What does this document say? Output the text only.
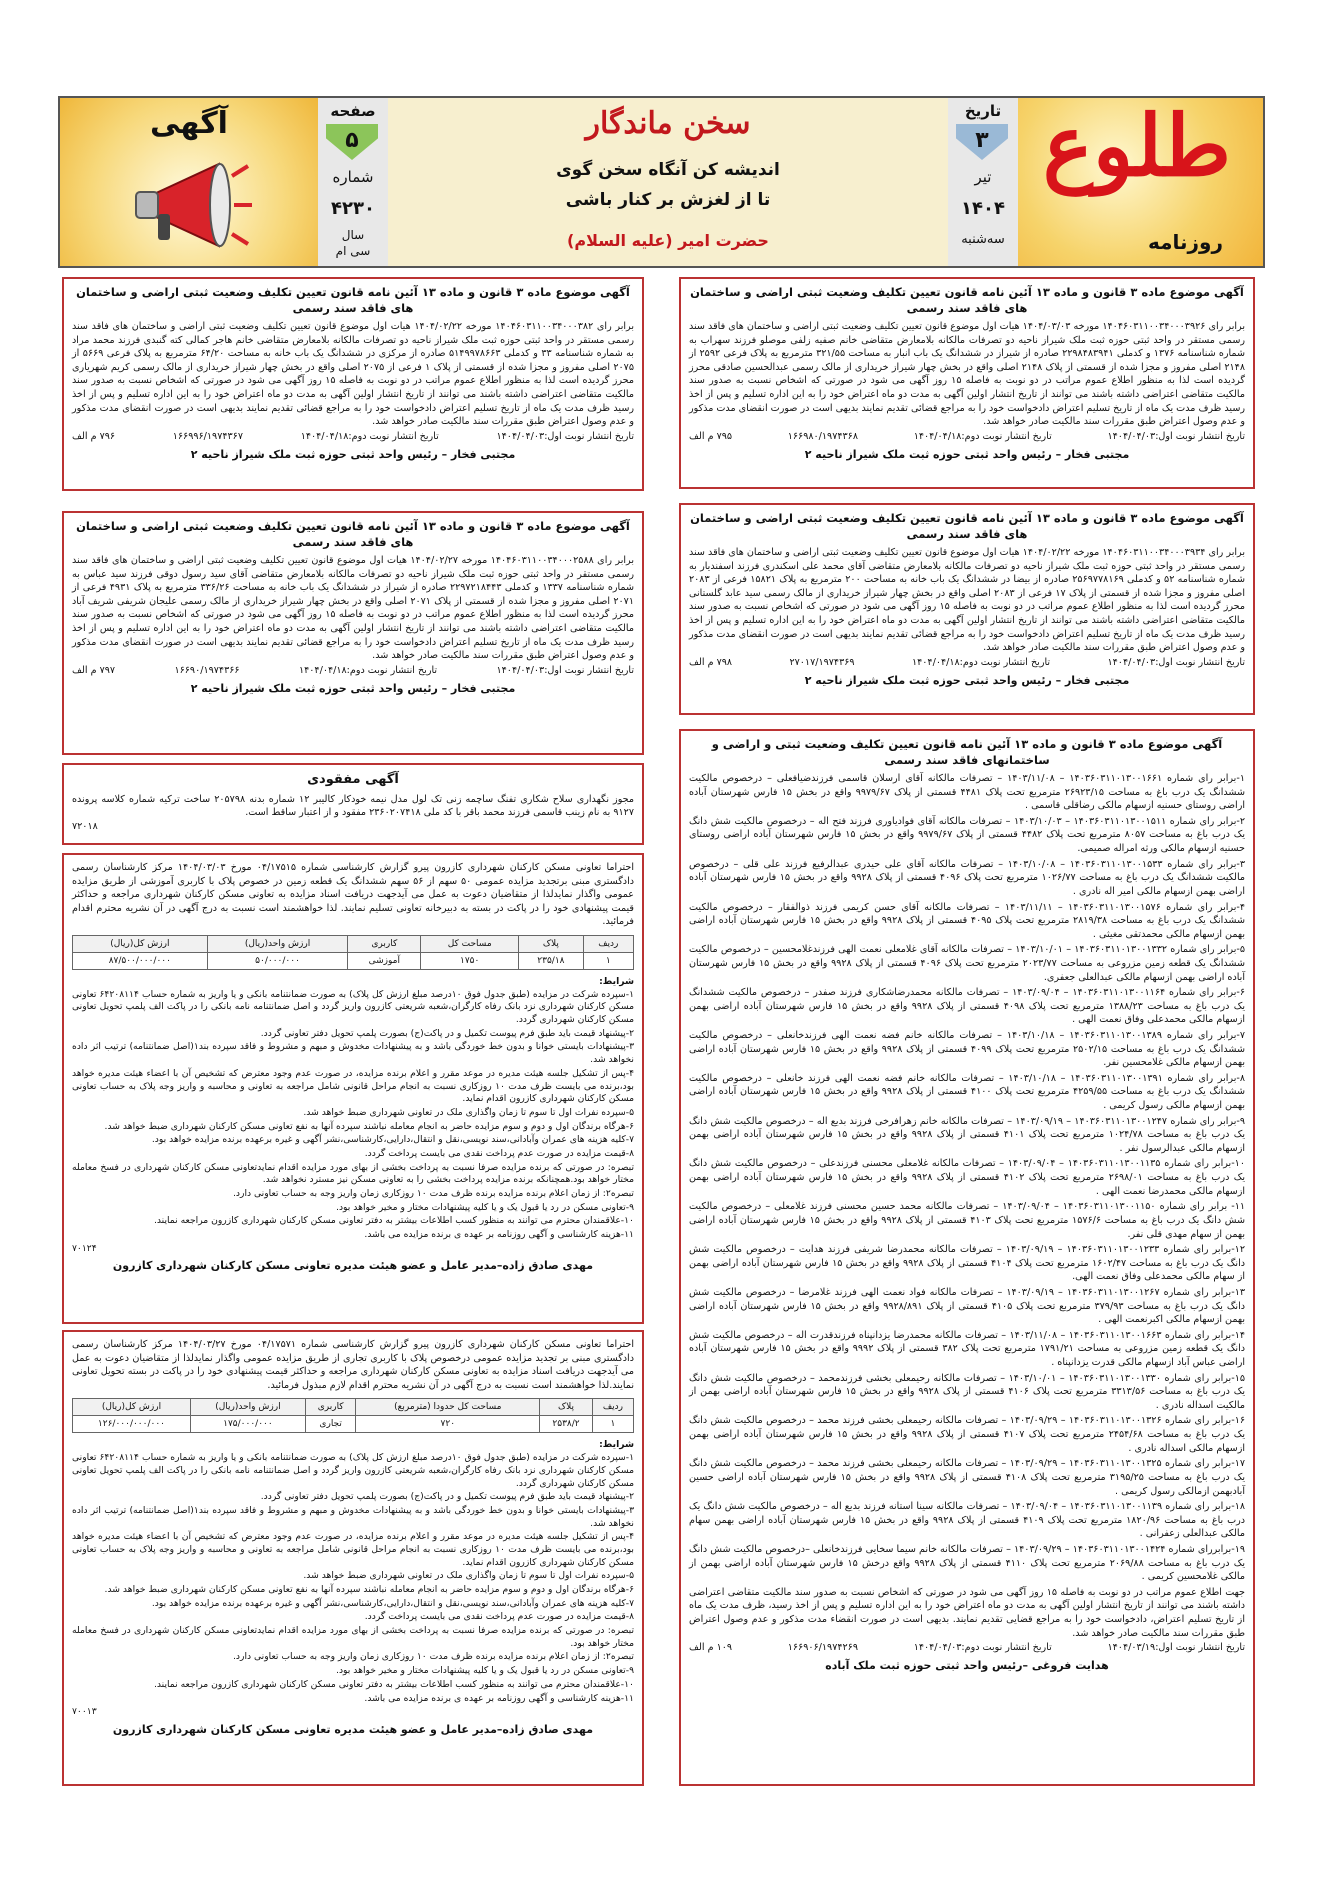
طلوع
روزنامه
تاریخ
۳
تیر
۱۴۰۴
سه‌شنبه
سخن ماندگار
اندیشه کن آنگاه سخن گوی
تا از لغزش بر کنار باشی
حضرت امیر (علیه السلام)
صفحه
۵
شماره
۴۲۳۰
سال
سی ام
آگهی
آگهی موضوع ماده ۳ قانون و ماده ۱۳ آئین نامه قانون تعیین تکلیف وضعیت ثبتی اراضی و ساختمان های فاقد سند رسمی
برابر رای ۱۴۰۴۶۰۳۱۱۰۰۳۴۰۰۰۳۹۲۶ مورخه ۱۴۰۴/۰۳/۰۳ هیات اول موضوع قانون تعیین تکلیف وضعیت ثبتی اراضی و ساختمان های فاقد سند رسمی مستقر در واحد ثبتی حوزه ثبت ملک شیراز ناحیه دو تصرفات مالکانه بلامعارض متقاضی خانم صفیه زلفی موصلو فرزند سهراب به شماره شناسنامه ۱۳۷۶ و کدملی ۲۲۹۸۴۸۳۹۴۱ صادره از شیراز در ششدانگ یک باب انبار به مساحت ۳۲۱/۵۵ مترمربع به پلاک فرعی ۲۵۹۲ از ۲۱۴۸ اصلی مفروز و مجزا شده از قسمتی از پلاک ۲۱۴۸ اصلی واقع در بخش چهار شیراز خریداری از مالک رسمی عبدالحسین صادقی محرز گردیده است لذا به منظور اطلاع عموم مراتب در دو نوبت به فاصله ۱۵ روز آگهی می شود در صورتی که اشخاص نسبت به صدور سند مالکیت متقاضی اعتراضی داشته باشند می توانند از تاریخ انتشار اولین آگهی به مدت دو ماه اعتراض خود را به این اداره تسلیم و پس از اخذ رسید ظرف مدت یک ماه از تاریخ تسلیم اعتراض دادخواست خود را به مراجع قضائی تقدیم نمایند بدیهی است در صورت انقضای مدت مذکور و عدم وصول اعتراض طبق مقررات سند مالکیت صادر خواهد شد.
تاریخ انتشار نوبت اول:۱۴۰۴/۰۴/۰۳
تاریخ انتشار نوبت دوم:۱۴۰۴/۰۴/۱۸
۱۶۶۹۸۰/۱۹۷۴۳۶۸
۷۹۵ م الف
مجتبی فخار – رئیس واحد ثبتی حوزه ثبت ملک شیراز ناحیه ۲
آگهی موضوع ماده ۳ قانون و ماده ۱۳ آئین نامه قانون تعیین تکلیف وضعیت ثبتی اراضی و ساختمان های فاقد سند رسمی
برابر رای ۱۴۰۴۶۰۳۱۱۰۰۳۴۰۰۰۳۹۳۴ مورخه ۱۴۰۴/۰۲/۲۲ هیات اول موضوع قانون تعیین تکلیف وضعیت ثبتی اراضی و ساختمان های فاقد سند رسمی مستقر در واحد ثبتی حوزه ثبت ملک شیراز ناحیه دو تصرفات مالکانه بلامعارض متقاضی آقای محمد علی اسکندری فرزند اسفندیار به شماره شناسنامه ۵۲ و کدملی ۲۵۶۹۷۷۸۱۶۹ صادره از بیضا در ششدانگ یک باب خانه به مساحت ۲۰۰ مترمربع به پلاک ۱۵۸۲۱ فرعی از ۲۰۸۳ اصلی مفروز و مجزا شده از قسمتی از پلاک ۱۷ فرعی از ۲۰۸۳ اصلی واقع در بخش چهار شیراز خریداری از مالک رسمی سید عابد گلستانی محرز گردیده است لذا به منظور اطلاع عموم مراتب در دو نوبت به فاصله ۱۵ روز آگهی می شود در صورتی که اشخاص نسبت به صدور سند مالکیت متقاضی اعتراضی داشته باشند می توانند از تاریخ انتشار اولین آگهی به مدت دو ماه اعتراض خود را به این اداره تسلیم و پس از اخذ رسید ظرف مدت یک ماه از تاریخ تسلیم اعتراض دادخواست خود را به مراجع قضائی تقدیم نمایند بدیهی است در صورت انقضای مدت مذکور و عدم وصول اعتراض طبق مقررات سند مالکیت صادر خواهد شد.
تاریخ انتشار نوبت اول:۱۴۰۴/۰۴/۰۳
تاریخ انتشار نوبت دوم:۱۴۰۴/۰۴/۱۸
۲۷۰۱۷/۱۹۷۴۳۶۹
۷۹۸ م الف
مجتبی فخار – رئیس واحد ثبتی حوزه ثبت ملک شیراز ناحیه ۲
آگهی موضوع ماده ۳ قانون و ماده ۱۳ آئین نامه قانون تعیین تکلیف وضعیت ثبتی و اراضی و ساختمانهای فاقد سند رسمی

۱-برابر رای شماره ۱۴۰۳۶۰۳۱۱۰۱۳۰۰۱۶۶۱ – ۱۴۰۳/۱۱/۰۸ – تصرفات مالکانه آقای ارسلان قاسمی فرزندضیافعلی – درخصوص مالکیت ششدانگ یک درب باغ به مساحت ۲۶۹۲۳/۱۵ مترمربع تحت پلاک ۴۴۸۱ قسمتی از پلاک ۹۹۷۹/۶۷ واقع در بخش ۱۵ فارس شهرستان آباده اراضی روستای حسنیه ازسهام مالکی رضاقلی قاسمی .

۲-برابر رای شماره ۱۴۰۳۶۰۳۱۱۰۱۳۰۰۱۵۱۱ – ۱۴۰۳/۱۰/۰۳ – تصرفات مالکانه آقای فوادیاوری فرزند فتح اله – درخصوص مالکیت شش دانگ یک درب باغ به مساحت ۸۰۵۷ مترمربع تحت پلاک ۴۴۸۲ قسمتی از پلاک ۹۹۷۹/۶۷ واقع در بخش ۱۵ فارس شهرستان آباده اراضی روستای حسنیه ازسهام مالکی ورثه امراله صمیمی.

۳-برابر رای شماره ۱۴۰۳۶۰۳۱۱۰۱۳۰۰۱۵۳۳ – ۱۴۰۳/۱۰/۰۸ – تصرفات مالکانه آقای علی حیدری عبدالرفیع فرزند علی قلی – درخصوص مالکیت ششدانگ یک درب باغ به مساحت ۱۰۲۶/۷۷ مترمربع تحت پلاک ۴۰۹۶ قسمتی از پلاک ۹۹۲۸ واقع در بخش ۱۵ فارس شهرستان آباده اراضی بهمن ازسهام مالکی امیر اله نادری .

۴-برابر رای شماره ۱۴۰۳۶۰۳۱۱۰۱۳۰۰۱۵۷۶ – ۱۴۰۳/۱۱/۱۱ – تصرفات مالکانه آقای حسن کریمی فرزند ذوالفقار – درخصوص مالکیت ششدانگ یک درب باغ به مساحت ۲۸۱۹/۳۸ مترمربع تحت پلاک ۴۰۹۵ قسمتی از پلاک ۹۹۲۸ واقع در بخش ۱۵ فارس شهرستان آباده اراضی بهمن ازسهام مالکی محمدتقی مغیثی .

۵-برابر رای شماره ۱۴۰۳۶۰۳۱۱۰۱۳۰۰۱۳۳۲ – ۱۴۰۳/۱۰/۰۱ – تصرفات مالکانه آقای غلامعلی نعمت الهی فرزندغلامحسین – درخصوص مالکیت ششدانگ یک قطعه زمین مزروعی به مساحت ۲۰۲۳/۷۷ مترمربع تحت پلاک ۴۰۹۶ قسمتی از پلاک ۹۹۲۸ واقع در بخش ۱۵ فارس شهرستان آباده اراضی بهمن ازسهام مالکی عبدالعلی جعفری.

۶-برابر رای شماره ۱۴۰۳۶۰۳۱۱۰۱۳۰۰۱۱۶۴ – ۱۴۰۳/۰۹/۰۴ – تصرفات مالکانه محمدرضاشکاری فرزند صفدر – درخصوص مالکیت ششدانگ یک درب باغ به مساحت ۱۳۸۸/۲۳ مترمربع تحت پلاک ۴۰۹۸ قسمتی از پلاک ۹۹۲۸ واقع در بخش ۱۵ فارس شهرستان آباده اراضی بهمن ازسهام مالکی محمدعلی وفاق نعمت الهی .

۷-برابر رای شماره ۱۴۰۳۶۰۳۱۱۰۱۳۰۰۱۳۸۹ – ۱۴۰۳/۱۰/۱۸ – تصرفات مالکانه خانم فضه نعمت الهی فرزندخانعلی – درخصوص مالکیت ششدانگ یک درب باغ به مساحت ۲۵۰۲/۱۵ مترمربع تحت پلاک ۴۰۹۹ قسمتی از پلاک ۹۹۲۸ واقع در بخش ۱۵ فارس شهرستان آباده اراضی بهمن ازسهام مالکی غلامحسین نفر.

۸-برابر رای شماره ۱۴۰۳۶۰۳۱۱۰۱۳۰۰۱۳۹۱ – ۱۴۰۳/۱۰/۱۸ – تصرفات مالکانه خانم فضه نعمت الهی فرزند خانعلی – درخصوص مالکیت ششدانگ یک درب باغ به مساحت ۴۲۵۹/۵۵ مترمربع تحت پلاک ۴۱۰۰ قسمتی از پلاک ۹۹۲۸ واقع در بخش ۱۵ فارس شهرستان آباده اراضی بهمن ازسهام مالکی رسول کریمی .

۹-برابر رای شماره ۱۴۰۳۶۰۳۱۱۰۱۳۰۰۱۲۴۷ – ۱۴۰۳/۰۹/۱۹ – تصرفات مالکانه خانم زهرافرخی فرزند بدیع اله – درخصوص مالکیت شش دانگ یک درب باغ به مساحت ۱۰۲۴/۷۸ مترمربع تحت پلاک ۴۱۰۱ قسمتی از پلاک ۹۹۲۸ واقع در بخش ۱۵ فارس شهرستان آباده اراضی بهمن ازسهام مالکی عبدالرسول نفر .

۱۰-برابر رای شماره ۱۴۰۳۶۰۳۱۱۰۱۳۰۰۱۱۳۵ – ۱۴۰۳/۰۹/۰۴ – تصرفات مالکانه غلامعلی محسنی فرزندعلی – درخصوص مالکیت شش دانگ یک درب باغ به مساحت ۲۶۹۸/۰۱ مترمربع تحت پلاک ۴۱۰۲ قسمتی از پلاک ۹۹۲۸ واقع در بخش ۱۵ فارس شهرستان آباده اراضی بهمن ازسهام مالکی محمدرضا نعمت الهی .

۱۱- برابر رای شماره ۱۴۰۳۶۰۳۱۱۰۱۳۰۰۱۱۵۰ – ۱۴۰۳/۰۹/۰۴ – تصرفات مالکانه محمد حسین محسنی فرزند غلامعلی – درخصوص مالکیت شش دانگ یک درب باغ به مساحت ۱۵۷۶/۶ مترمربع تحت پلاک ۴۱۰۳ قسمتی از پلاک ۹۹۲۸ واقع در بخش ۱۵ فارس شهرستان آباده اراضی بهمن از سهام مهدی قلی نفر.

۱۲-برابر رای شماره ۱۴۰۳۶۰۳۱۱۰۱۳۰۰۱۲۳۳ – ۱۴۰۳/۰۹/۱۹ – تصرفات مالکانه محمدرضا شریفی فرزند هدایت – درخصوص مالکیت شش دانگ یک درب باغ به مساحت ۱۶۰۲/۴۷ مترمربع تحت پلاک ۴۱۰۴ قسمتی از پلاک ۹۹۲۸ واقع در بخش ۱۵ فارس شهرستان آباده اراضی بهمن از سهام مالکی محمدعلی وفاق نعمت الهی.

۱۳-برابر رای شماره ۱۴۰۳۶۰۳۱۱۰۱۳۰۰۱۲۶۷ – ۱۴۰۳/۰۹/۱۹ – تصرفات مالکانه فواد نعمت الهی فرزند غلامرضا – درخصوص مالکیت شش دانگ یک درب باغ به مساحت ۳۷۹/۹۳ مترمربع تحت پلاک ۴۱۰۵ قسمتی از پلاک ۹۹۲۸/۸۹۱ واقع در بخش ۱۵ فارس شهرستان آباده اراضی بهمن ازسهام مالکی اکبرنعمت الهی .

۱۴-برابر رای شماره ۱۴۰۳۶۰۳۱۱۰۱۳۰۰۱۶۶۳ – ۱۴۰۳/۱۱/۰۸ – تصرفات مالکانه محمدرضا یزدانپناه فرزندقدرت اله – درخصوص مالکیت شش دانگ یک قطعه زمین مزروعی به مساحت ۱۷۹۱/۲۱ مترمربع تحت پلاک ۳۸۲ قسمتی از پلاک ۹۹۹۲ واقع در بخش ۱۵ فارس شهرستان آباده اراضی عباس آباد ازسهام مالکی قدرت یزدانپناه .

۱۵-برابر رای شماره ۱۴۰۳۶۰۳۱۱۰۱۳۰۰۱۳۳۰ – ۱۴۰۳/۱۰/۰۱ – تصرفات مالکانه رحیمعلی بخشی فرزندمحمد – درخصوص مالکیت شش دانگ یک درب باغ به مساحت ۳۳۱۳/۵۶ مترمربع تحت پلاک ۴۱۰۶ قسمتی از پلاک ۹۹۲۸ واقع در بخش ۱۵ فارس شهرستان آباده اراضی بهمن از مالکیت اسداله نادری .

۱۶-برابر رای شماره ۱۴۰۳۶۰۳۱۱۰۱۳۰۰۱۳۲۶ – ۱۴۰۳/۰۹/۲۹ – تصرفات مالکانه رحیمعلی بخشی فرزند محمد – درخصوص مالکیت شش دانگ یک درب باغ به مساحت ۲۴۵۴/۶۸ مترمربع تحت پلاک ۴۱۰۷ قسمتی از پلاک ۹۹۲۸ واقع در بخش ۱۵ فارس شهرستان آباده اراضی بهمن ازسهام مالکی اسداله نادری .

۱۷-برابر رای شماره ۱۴۰۳۶۰۳۱۱۰۱۳۰۰۱۳۲۵ – ۱۴۰۳/۰۹/۲۹ – تصرفات مالکانه رحیمعلی بخشی فرزند محمد – درخصوص مالکیت شش دانگ یک درب باغ به مساحت ۳۱۹۵/۲۵ مترمربع تحت پلاک ۴۱۰۸ قسمتی از پلاک ۹۹۲۸ واقع در بخش ۱۵ فارس شهرستان آباده اراضی حسین آبادبهمن ازمالکی رسول کریمی .

۱۸-برابر رای شماره ۱۴۰۳۶۰۳۱۱۰۱۳۰۰۱۱۳۹ – ۱۴۰۳/۰۹/۰۴ – تصرفات مالکانه سینا استانه فرزند بدیع اله – درخصوص مالکیت شش دانگ یک درب باغ به مساحت ۱۸۲۰/۹۶ مترمربع تحت پلاک ۴۱۰۹ قسمتی از پلاک ۹۹۲۸ واقع در بخش ۱۵ فارس شهرستان آباده اراضی بهمن سهام مالکی عبدالعلی زعفرانی .

۱۹-برابررای شماره ۱۴۰۳۶۰۳۱۱۰۱۳۰۰۱۴۲۴ – ۱۴۰۳/۰۹/۲۹ – تصرفات مالکانه خانم سیما سخایی فرزندخانعلی –درخصوص مالکیت شش دانگ یک درب باغ به مساحت ۲۰۶۹/۸۸ مترمربع تحت پلاک ۴۱۱۰ قسمتی از پلاک ۹۹۲۸ واقع درخش ۱۵ فارس شهرستان آباده اراضی بهمن از مالکی غلامحسین کریمی .

جهت اطلاع عموم مراتب در دو نوبت به فاصله ۱۵ روز آگهی می شود در صورتی که اشخاص نسبت به صدور سند مالکیت متقاضی اعتراضی داشته باشند می توانند از تاریخ انتشار اولین آگهی به مدت دو ماه اعتراض خود را به این اداره تسلیم و پس از اخذ رسید، ظرف مدت یک ماه از تاریخ تسلیم اعتراض، دادخواست خود را به مراجع قضایی تقدیم نمایند. بدیهی است در صورت انقضاء مدت مذکور و عدم وصول اعتراض طبق مقررات سند مالکیت صادر خواهد شد.
تاریخ انتشار نوبت اول:۱۴۰۴/۰۳/۱۹
تاریخ انتشار نوبت دوم:۱۴۰۴/۰۴/۰۳
۱۶۶۹۰۶/۱۹۷۴۲۶۹
۱۰۹ م الف
هدایت فروغی –رئیس واحد ثبتی حوزه ثبت ملک آباده
آگهی موضوع ماده ۳ قانون و ماده ۱۳ آئین نامه قانون تعیین تکلیف وضعیت ثبتی اراضی و ساختمان های فاقد سند رسمی
برابر رای ۱۴۰۴۶۰۳۱۱۰۰۳۴۰۰۰۳۸۲ مورخه ۱۴۰۴/۰۲/۲۲ هیات اول موضوع قانون تعیین تکلیف وضعیت ثبتی اراضی و ساختمان های فاقد سند رسمی مستقر در واحد ثبتی حوزه ثبت ملک شیراز ناحیه دو تصرفات مالکانه بلامعارض متقاضی خانم هاجر کمالی کته گنبدی فرزند محمد مراد به شماره شناسنامه ۳۳ و کدملی ۵۱۴۹۹۷۸۶۶۳ صادره از مرکزی در ششدانگ یک باب خانه به مساحت ۶۴/۲۰ مترمربع به پلاک فرعی ۵۶۶۹ از ۲۰۷۵ اصلی مفروز و مجزا شده از قسمتی از پلاک ۱ فرعی از ۲۰۷۵ اصلی واقع در بخش چهار شیراز خریداری از مالک رسمی کریم شهریاری محرز گردیده است لذا به منظور اطلاع عموم مراتب در دو نوبت به فاصله ۱۵ روز آگهی می شود در صورتی که اشخاص نسبت به صدور سند مالکیت متقاضی اعتراضی داشته باشند می توانند از تاریخ انتشار اولین آگهی به مدت دو ماه اعتراض خود را به این اداره تسلیم و پس از اخذ رسید ظرف مدت یک ماه از تاریخ تسلیم اعتراض دادخواست خود را به مراجع قضائی تقدیم نمایند بدیهی است در صورت انقضای مدت مذکور و عدم وصول اعتراض طبق مقررات سند مالکیت صادر خواهد شد.
تاریخ انتشار نوبت اول:۱۴۰۴/۰۴/۰۳
تاریخ انتشار نوبت دوم:۱۴۰۴/۰۴/۱۸
۱۶۶۹۹۶/۱۹۷۴۳۶۷
۷۹۶ م الف
مجتبی فخار – رئیس واحد ثبتی حوزه ثبت ملک شیراز ناحیه ۲
آگهی موضوع ماده ۳ قانون و ماده ۱۳ آئین نامه قانون تعیین تکلیف وضعیت ثبتی اراضی و ساختمان های فاقد سند رسمی
برابر رای ۱۴۰۴۶۰۳۱۱۰۰۳۴۰۰۰۲۵۸۸ مورخه ۱۴۰۴/۰۲/۲۷ هیات اول موضوع قانون تعیین تکلیف وضعیت ثبتی اراضی و ساختمان های فاقد سند رسمی مستقر در واحد ثبتی حوزه ثبت ملک شیراز ناحیه دو تصرفات مالکانه بلامعارض متقاضی آقای سید رسول دوقی فرزند سید عباس به شماره شناسنامه ۱۳۳۷ و کدملی ۲۲۹۷۲۱۸۴۴۳ صادره از شیراز در ششدانگ یک باب خانه به مساحت ۳۳۶/۲۶ مترمربع به پلاک ۴۹۳۱ فرعی از ۲۰۷۱ اصلی مفروز و مجزا شده از قسمتی از پلاک ۲۰۷۱ اصلی واقع در بخش چهار شیراز خریداری از مالک رسمی علیجان شریفی شریف آباد محرز گردیده است لذا به منظور اطلاع عموم مراتب در دو نوبت به فاصله ۱۵ روز آگهی می شود در صورتی که اشخاص نسبت به صدور سند مالکیت متقاضی اعتراضی داشته باشند می توانند از تاریخ انتشار اولین آگهی به مدت دو ماه اعتراض خود را به این اداره تسلیم و پس از اخذ رسید ظرف مدت یک ماه از تاریخ تسلیم اعتراض دادخواست خود را به مراجع قضائی تقدیم نمایند بدیهی است در صورت انقضای مدت مذکور و عدم وصول اعتراض طبق مقررات سند مالکیت صادر خواهد شد.
تاریخ انتشار نوبت اول:۱۴۰۴/۰۴/۰۳
تاریخ انتشار نوبت دوم:۱۴۰۴/۰۴/۱۸
۱۶۶۹۰/۱۹۷۴۳۶۶
۷۹۷ م الف
مجتبی فخار – رئیس واحد ثبتی حوزه ثبت ملک شیراز ناحیه ۲
آگهی مفقودی
مجوز نگهداری سلاح شکاری تفنگ ساچمه زنی تک لول مدل نیمه خودکار کالیبر ۱۲ شماره بدنه ۲۰۵۷۹۸ ساخت ترکیه شماره کلاسه پرونده ۹۱۲۷ به نام زینب قاسمی فرزند محمد باقر با کد ملی ۲۳۶۰۲۰۷۴۱۸ مفقود و از اعتبار ساقط است.
۷۲۰۱۸
احتراما تعاونی مسکن کارکنان شهرداری کازرون پیرو گزارش کارشناسی شماره ۰۴/۱۷۵۱۵ مورخ ۱۴۰۴/۰۳/۰۳ مرکز کارشناسان رسمی دادگستری مبنی برتجدید مزایده عمومی ۵۰ سهم از ۵۶ سهم ششدانگ یک قطعه زمین در خصوص پلاک با کاربری آموزشی از طریق مزایده عمومی واگذار نمایدلذا از متقاضیان دعوت به عمل می آیدجهت دریافت اسناد مزایده به تعاونی مسکن کارکنان شهرداری مراجعه و حداکثر قیمت پیشنهادی خود را در پاکت در بسته به دبیرخانه تعاونی تسلیم نمایند. لذا خواهشمند است نسبت به درج آگهی در آن نشریه محترم اقدام فرمائید.
ردیف	پلاک	مساحت کل	کاربری	ارزش واحد(ریال)	ارزش کل(ریال)
۱	۲۳۵/۱۸	۱۷۵۰	آموزشی	۵۰/۰۰۰/۰۰۰	۸۷/۵۰۰/۰۰۰/۰۰۰
شرایط:
۱-سپرده شرکت در مزایده (طبق جدول فوق ۱۰درصد مبلغ ارزش کل پلاک) به صورت ضمانتنامه بانکی و یا واریز به شماره حساب ۶۴۲۰۸۱۱۴ تعاونی مسکن کارکنان شهرداری نزد بانک رفاه کارگران،شعبه شریعتی کازرون واریز گردد و اصل ضمانتنامه نامه بانکی را در پاکت الف پلمپ تحویل تعاونی مسکن کارکنان شهرداری گردد.
۲-پیشنهاد قیمت باید طبق فرم پیوست تکمیل و در پاکت(ج) بصورت پلمپ تحویل دفتر تعاونی گردد.
۳-پیشنهادات بایستی خوانا و بدون خط خوردگی باشد و به پیشنهادات مخدوش و مبهم و مشروط و فاقد سپرده بند۱(اصل ضمانتنامه) ترتیب اثر داده نخواهد شد.
۴-پس از تشکیل جلسه هیئت مدیره در موعد مقرر و اعلام برنده مزایده، در صورت عدم وجود معترض که تشخیص آن با اعضاء هیئت مدیره خواهد بود،برنده می بایست ظرف مدت ۱۰ روزکاری نسبت به انجام مراحل قانونی شامل مراجعه به تعاونی و محاسبه و واریز وجه پلاک به حساب تعاونی مسکن کارکنان شهرداری کازرون اقدام نماید.
۵-سپرده نفرات اول تا سوم تا زمان واگذاری ملک در تعاونی شهرداری ضبط خواهد شد.
۶-هرگاه برندگان اول و دوم و سوم مزایده حاضر به انجام معامله نباشند سپرده آنها به نفع تعاونی مسکن کارکنان شهرداری ضبط خواهد شد.
۷-کلیه هزینه های عمران وآبادانی،سند نویسی،نقل و انتقال،دارایی،کارشناسی،نشر آگهی و غیره برعهده برنده مزایده خواهد بود.
۸-قیمت مزایده در صورت عدم پرداخت نقدی می بایست پرداخت گردد.
تبصره: در صورتی که برنده مزایده صرفا نسبت به پرداخت بخشی از بهای مورد مزایده اقدام نمایدتعاونی مسکن کارکنان شهرداری در فسخ معامله مختار خواهد بود.همچنانکه برنده مزایده پرداخت بخشی را به تعاونی مسکن نیز مسترد نخواهد شد.
تبصره۲: از زمان اعلام برنده مزایده برنده ظرف مدت ۱۰ روزکاری زمان واریز وجه به حساب تعاونی دارد.
۹-تعاونی مسکن در رد یا قبول یک و یا کلیه پیشنهادات مختار و مخیر خواهد بود.
۱۰-علاقمندان محترم می توانند به منظور کسب اطلاعات بیشتر به دفتر تعاونی مسکن کارکنان شهرداری کازرون مراجعه نمایند.
۱۱-هزینه کارشناسی و آگهی روزنامه بر عهده ی برنده مزایده می باشد.
۷۰۱۲۴
مهدی صادق زاده–مدیر عامل و عضو هیئت مدیره تعاونی مسکن کارکنان شهرداری کازرون
احتراما تعاونی مسکن کارکنان شهرداری کازرون پیرو گزارش کارشناسی شماره ۰۴/۱۷۵۷۱ مورخ ۱۴۰۴/۰۳/۲۷ مرکز کارشناسان رسمی دادگستری مبنی بر تجدید مزایده عمومی درخصوص پلاک با کاربری تجاری از طریق مزایده عمومی واگذار نمایدلذا از متقاضیان دعوت به عمل می آیدجهت دریافت اسناد مزایده به تعاونی مسکن کارکنان شهرداری مراجعه و حداکثر قیمت پیشنهادی خود را در پاکت در بسته تحویل تعاونی نمایند.لذا خواهشمند است نسبت به درج آگهی در آن نشریه محترم اقدام لازم مبذول فرمائید.
ردیف	پلاک	مساحت کل حدودا (مترمربع)	کاربری	ارزش واحد(ریال)	ارزش کل(ریال)
۱	۲۵۳۸/۲	۷۲۰	تجاری	۱۷۵/۰۰۰/۰۰۰	۱۲۶/۰۰۰/۰۰۰/۰۰۰
شرایط:
۱-سپرده شرکت در مزایده (طبق جدول فوق ۱۰درصد مبلغ ارزش کل پلاک) به صورت ضمانتنامه بانکی و یا واریز به شماره حساب ۶۴۲۰۸۱۱۴ تعاونی مسکن کارکنان شهرداری نزد بانک رفاه کارگران،شعبه شریعتی کازرون واریز گردد و اصل ضمانتنامه نامه بانکی را در پاکت الف پلمپ تحویل تعاونی مسکن کارکنان شهرداری گردد.
۲-پیشنهاد قیمت باید طبق فرم پیوست تکمیل و در پاکت(ج) بصورت پلمپ تحویل دفتر تعاونی گردد.
۳-پیشنهادات بایستی خوانا و بدون خط خوردگی باشد و به پیشنهادات مخدوش و مبهم و مشروط و فاقد سپرده بند۱(اصل ضمانتنامه) ترتیب اثر داده نخواهد شد.
۴-پس از تشکیل جلسه هیئت مدیره در موعد مقرر و اعلام برنده مزایده، در صورت عدم وجود معترض که تشخیص آن با اعضاء هیئت مدیره خواهد بود،برنده می بایست ظرف مدت ۱۰ روزکاری نسبت به انجام مراحل قانونی شامل مراجعه به تعاونی و محاسبه و واریز وجه پلاک به حساب تعاونی مسکن کارکنان شهرداری کازرون اقدام نماید.
۵-سپرده نفرات اول تا سوم تا زمان واگذاری ملک در تعاونی شهرداری ضبط خواهد شد.
۶-هرگاه برندگان اول و دوم و سوم مزایده حاضر به انجام معامله نباشند سپرده آنها به نفع تعاونی مسکن کارکنان شهرداری ضبط خواهد شد.
۷-کلیه هزینه های عمران وآبادانی،سند نویسی،نقل و انتقال،دارایی،کارشناسی،نشر آگهی و غیره برعهده برنده مزایده خواهد بود.
۸-قیمت مزایده در صورت عدم پرداخت نقدی می بایست پرداخت گردد.
تبصره: در صورتی که برنده مزایده صرفا نسبت به پرداخت بخشی از بهای مورد مزایده اقدام نمایدتعاونی مسکن کارکنان شهرداری در فسخ معامله مختار خواهد بود.
تبصره۲: از زمان اعلام برنده مزایده برنده ظرف مدت ۱۰ روزکاری زمان واریز وجه به حساب تعاونی دارد.
۹-تعاونی مسکن در رد یا قبول یک و یا کلیه پیشنهادات مختار و مخیر خواهد بود.
۱۰-علاقمندان محترم می توانند به منظور کسب اطلاعات بیشتر به دفتر تعاونی مسکن کارکنان شهرداری کازرون مراجعه نمایند.
۱۱-هزینه کارشناسی و آگهی روزنامه بر عهده ی برنده مزایده می باشد.
۷۰۰۱۳
مهدی صادق زاده–مدیر عامل و عضو هیئت مدیره تعاونی مسکن کارکنان شهرداری کازرون
